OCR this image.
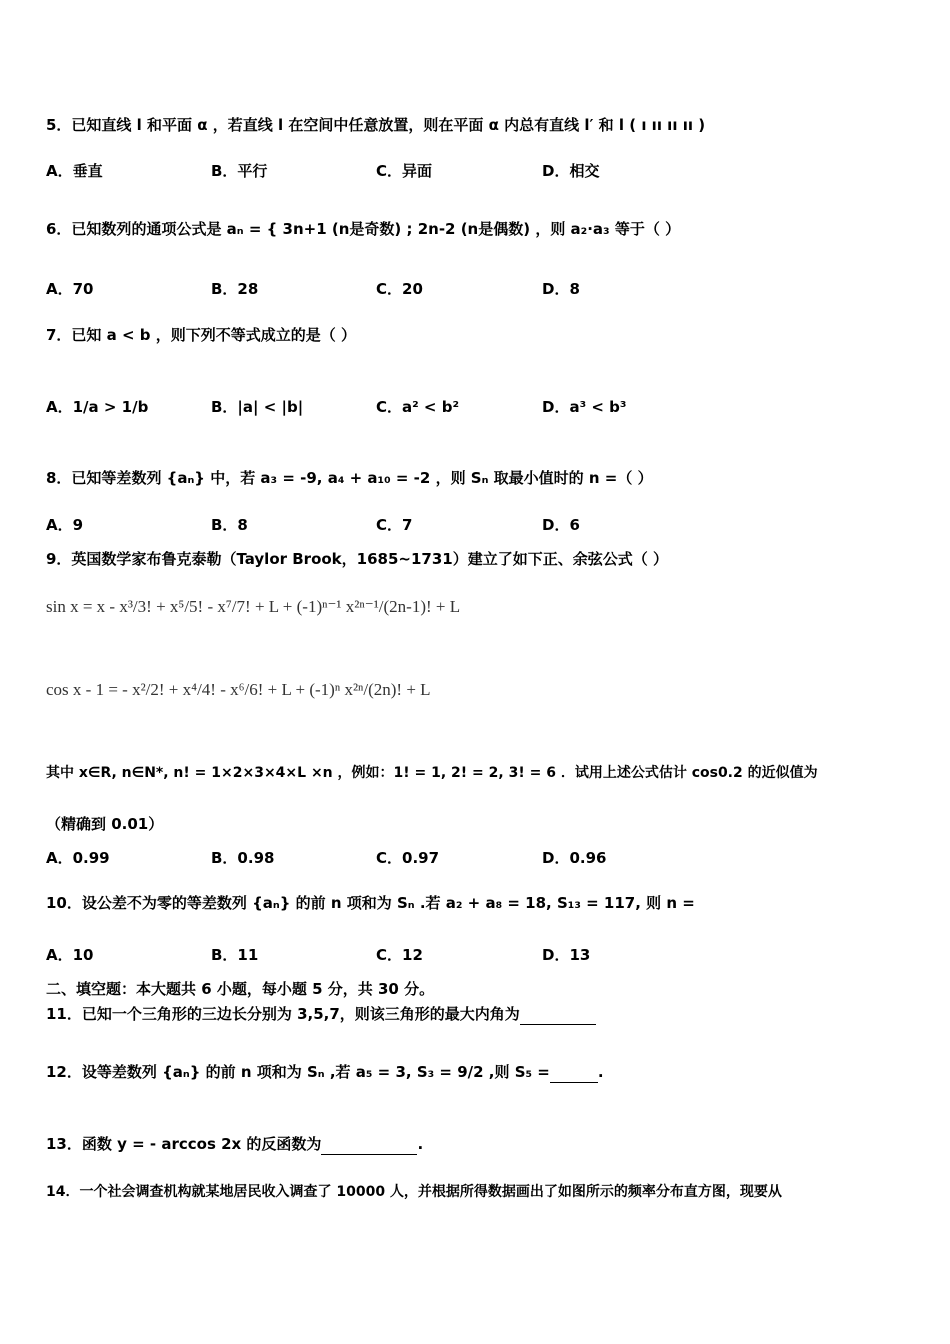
5．已知直线 l 和平面 α ，若直线 l 在空间中任意放置，则在平面 α 内总有直线 l′ 和 l ( ı ıı ıı ıı )
A．垂直	B．平行	C．异面	D．相交
6．已知数列的通项公式是 aₙ = { 3n+1 (n是奇数) ; 2n-2 (n是偶数) ，则 a₂·a₃ 等于（ ）
A．70	B．28	C．20	D．8
7．已知 a < b ，则下列不等式成立的是（ ）
A．1/a > 1/b	B．|a| < |b|	C．a² < b²	D．a³ < b³
8．已知等差数列 {aₙ} 中，若 a₃ = -9, a₄ + a₁₀ = -2 ，则 Sₙ 取最小值时的 n =（ ）
A．9	B．8	C．7	D．6
9．英国数学家布鲁克泰勒（Taylor Brook，1685~1731）建立了如下正、余弦公式（ ）
sin x = x - x³/3! + x⁵/5! - x⁷/7! + L + (-1)ⁿ⁻¹ x²ⁿ⁻¹/(2n-1)! + L
cos x - 1 = - x²/2! + x⁴/4! - x⁶/6! + L + (-1)ⁿ x²ⁿ/(2n)! + L
其中 x∈R, n∈N*, n! = 1×2×3×4×L ×n ，例如：1! = 1, 2! = 2, 3! = 6 ．试用上述公式估计 cos0.2 的近似值为
（精确到 0.01）
A．0.99	B．0.98	C．0.97	D．0.96
10．设公差不为零的等差数列 {aₙ} 的前 n 项和为 Sₙ .若 a₂ + a₈ = 18, S₁₃ = 117, 则 n =
A．10	B．11	C．12	D．13
二、填空题：本大题共 6 小题，每小题 5 分，共 30 分。
11．已知一个三角形的三边长分别为 3,5,7，则该三角形的最大内角为
12．设等差数列 {aₙ} 的前 n 项和为 Sₙ ,若 a₅ = 3, S₃ = 9/2 ,则 S₅ =	.
13．函数 y = - arccos 2x 的反函数为	.
14．一个社会调查机构就某地居民收入调查了 10000 人，并根据所得数据画出了如图所示的频率分布直方图，现要从
